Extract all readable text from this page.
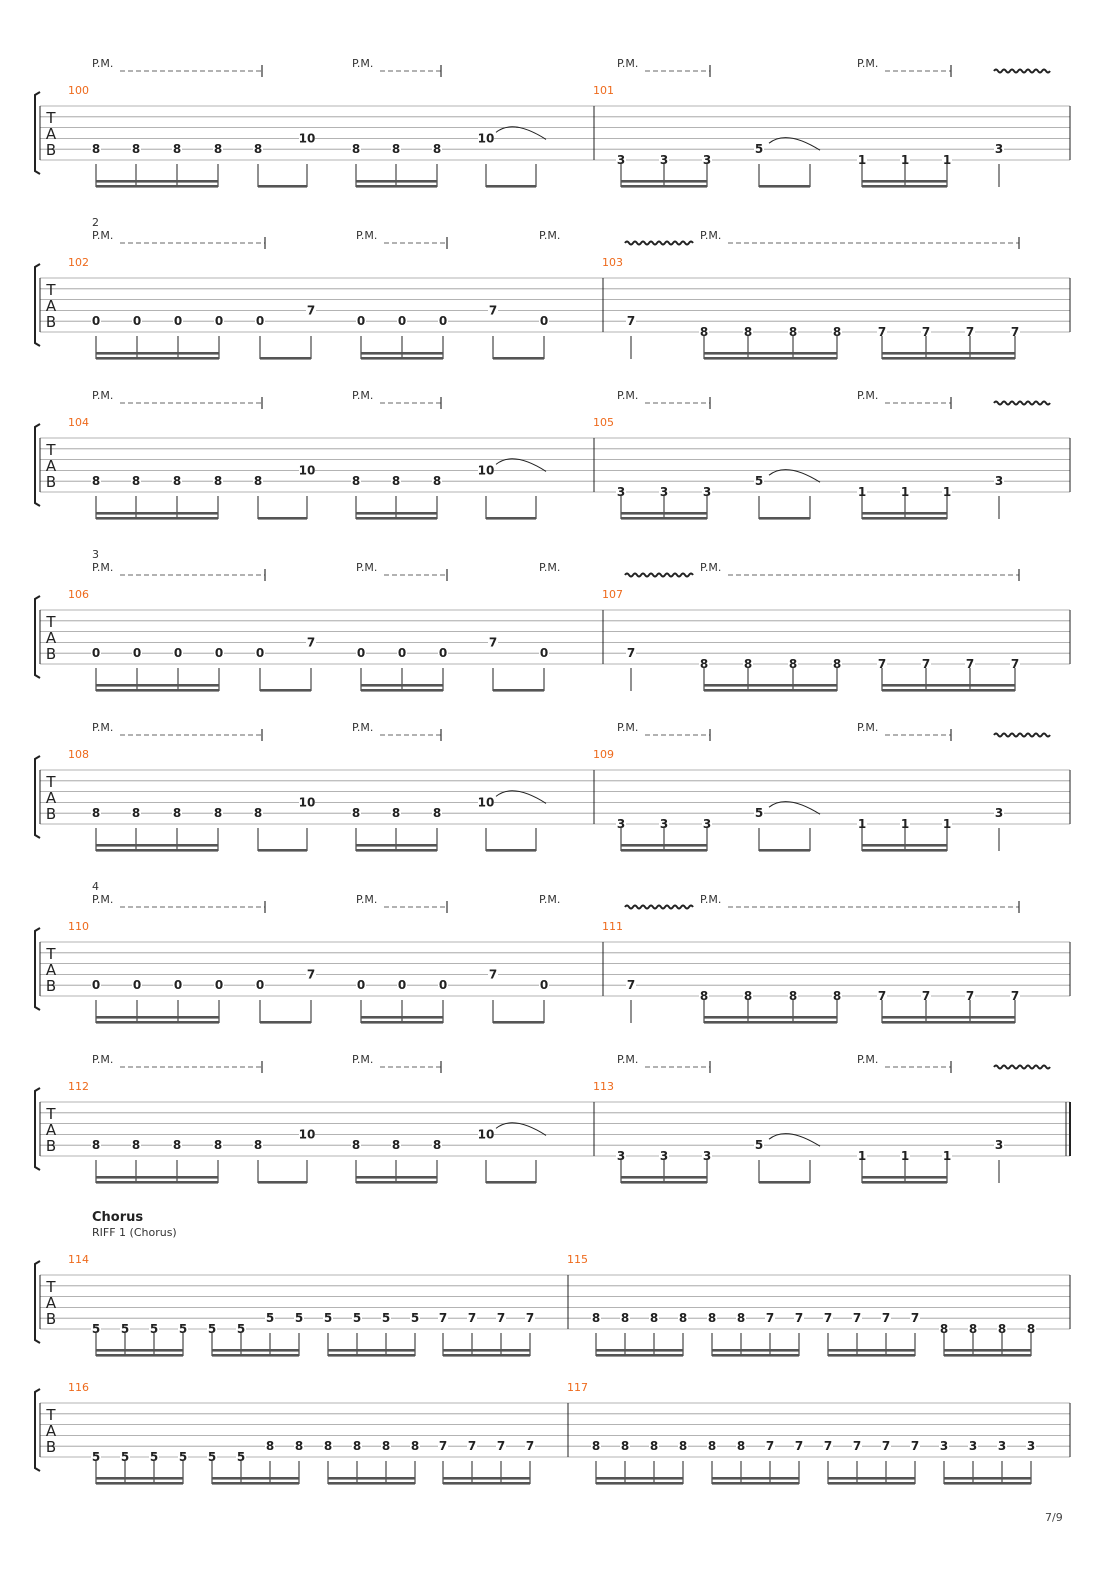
T
A
B
100	101
P.M.	P.M.	P.M.	P.M.
8	8	8	8	8
10
8	8	8
10
3	3	3
5
1	1	1
3
T
A
B
102	103
2
P.M.	P.M.	P.M.	P.M.
0	0	0	0	0
7
0	0	0
7
0	7
8	8	8	8	7	7	7	7
T
A
B
104	105
P.M.	P.M.	P.M.	P.M.
8	8	8	8	8
10
8	8	8
10
3	3	3
5
1	1	1
3
T
A
B
106	107
3
P.M.	P.M.	P.M.	P.M.
0	0	0	0	0
7
0	0	0
7
0	7
8	8	8	8	7	7	7	7
T
A
B
108	109
P.M.	P.M.	P.M.	P.M.
8	8	8	8	8
10
8	8	8
10
3	3	3
5
1	1	1
3
T
A
B
110	111
4
P.M.	P.M.	P.M.	P.M.
0	0	0	0	0
7
0	0	0
7
0	7
8	8	8	8	7	7	7	7
T
A
B
112	113
P.M.	P.M.	P.M.	P.M.
8	8	8	8	8
10
8	8	8
10
3	3	3
5
1	1	1
3
T
A
B
114	115
5 5 5 5 5 5
5 5 5 5 5 5 7 7 7 7	8 8 8 8 8 8 7 7 7 7 7 7
8 8 8 8
T
A
B
116	117
5 5 5 5 5 5
8 8 8 8 8 8 7 7 7 7	8 8 8 8 8 8 7 7 7 7 7 7 3 3 3 3
Chorus
RIFF 1 (Chorus)
7/9
